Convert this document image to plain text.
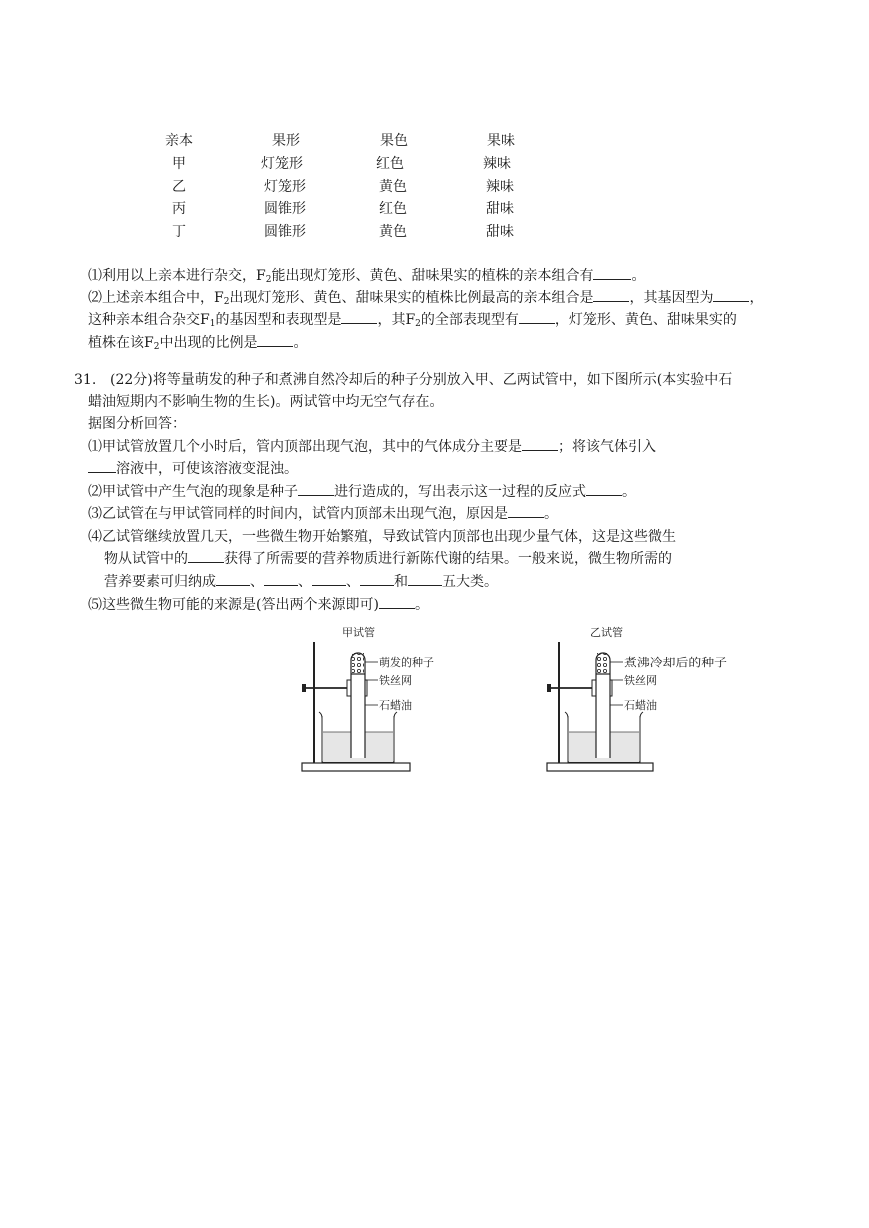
亲本	果形	果色	果味
甲	灯笼形	红色	辣味
乙	灯笼形	黄色	辣味
丙	圆锥形	红色	甜味
丁	圆锥形	黄色	甜味
⑴利用以上亲本进行杂交，$F_2$能出现灯笼形、黄色、甜味果实的植株的亲本组合有	。
⑵上述亲本组合中，$F_2$出现灯笼形、黄色、甜味果实的植株比例最高的亲本组合是	，其基因型为	，
这种亲本组合杂交$F_1$的基因型和表现型是	，其$F_2$的全部表现型有	，灯笼形、黄色、甜味果实的
植株在该$F_2$中出现的比例是	。
31. (22分)将等量萌发的种子和煮沸自然冷却后的种子分别放入甲、乙两试管中，如下图所示(本实验中石
蜡油短期内不影响生物的生长)。两试管中均无空气存在。
据图分析回答：
⑴甲试管放置几个小时后，管内顶部出现气泡，其中的气体成分主要是	；将该气体引入
溶液中，可使该溶液变混浊。
⑵甲试管中产生气泡的现象是种子	进行造成的，写出表示这一过程的反应式	。
⑶乙试管在与甲试管同样的时间内，试管内顶部未出现气泡，原因是	。
⑷乙试管继续放置几天，一些微生物开始繁殖，导致试管内顶部也出现少量气体，这是这些微生
物从试管中的	获得了所需要的营养物质进行新陈代谢的结果。一般来说，微生物所需的
营养要素可归纳成 、 、 、 和 五大类。
⑸这些微生物可能的来源是(答出两个来源即可)	。
甲试管
萌发的种子
铁丝网
石蜡油
乙试管
煮沸冷却后的种子
铁丝网
石蜡油
